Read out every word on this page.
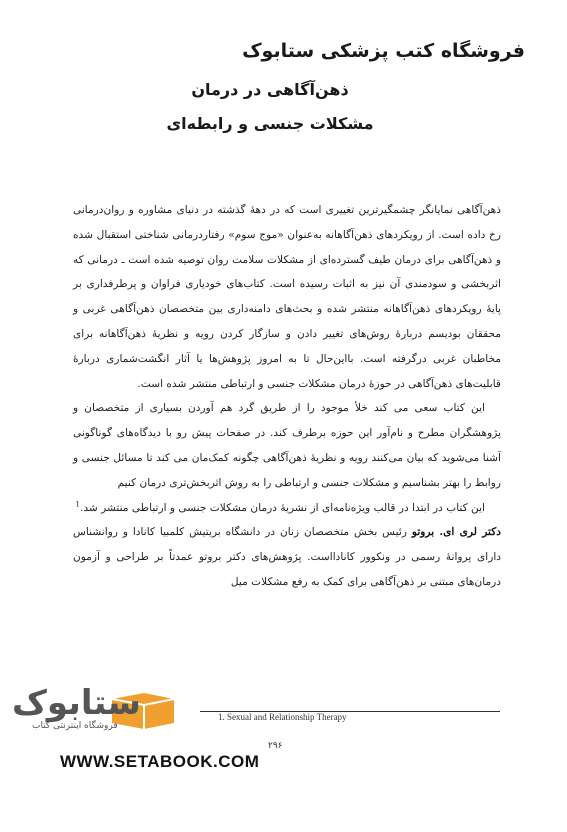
فروشگاه کتب پزشکی ستابوک
ذهن‌آگاهی در درمان
مشکلات جنسی و رابطه‌ای

ذهن‌آگاهی نمایانگر چشمگیرترین تغییری است که در دهۀ گذشته در دنیای مشاوره و روان‌درمانی رخ داده است. از رویکردهای ذهن‌آگاهانه به‌عنوان «موج سوم» رفتاردرمانی شناختی استقبال شده و ذهن‌آگاهی برای درمان طیف گسترده‌ای از مشکلات سلامت روان توصیه شده است ـ درمانی که اثربخشی و سودمندی آن نیز به اثبات رسیده است. کتاب‌های خودیاری فراوان و پرطرفداری بر پایۀ رویکردهای ذهن‌آگاهانه منتشر شده و بحث‌های دامنه‌داری بین متخصصان ذهن‌آگاهی غربی و محققان بودیسم دربارۀ روش‌های تغییر دادن و سازگار کردن رویه و نظریۀ ذهن‌آگاهانه برای مخاطبان غربی درگرفته است. بااین‌حال تا به امروز پژوهش‌ها یا آثار انگشت‌شماری دربارۀ قابلیت‌های ذهن‌آگاهی در حوزۀ درمان مشکلات جنسی و ارتباطی منتشر شده است.

این کتاب سعی می کند خلأ موجود را از طریق گرد هم آوردن بسیاری از متخصصان و پژوهشگران مطرح و نام‌آور این حوزه برطرف کند. در صفحات پیش رو با دیدگاه‌های گوناگونی آشنا می‌شوید که بیان می‌کنند رویه و نظریۀ ذهن‌آگاهی چگونه کمک‌مان می کند تا مسائل جنسی و روابط را بهتر بشناسیم و مشکلات جنسی و ارتباطی را به روش اثربخش‌تری درمان کنیم

این کتاب در ابتدا در قالب ویژه‌نامه‌ای از نشریۀ درمان مشکلات جنسی و ارتباطی منتشر شد.$^1$

دکتر لری ای. بروتو رئیس بخش متخصصان زنان در دانشگاه بریتیش کلمبیا کانادا و روانشناس دارای پروانۀ رسمی در ونکوور کانادااست. پژوهش‌های دکتر بروتو عمدتاً بر طراحی و آزمون درمان‌های مبتنی بر ذهن‌آگاهی برای کمک به رفع مشکلات میل

1. Sexual and Relationship Therapy
۲۹۶
ستابوک
فروشگاه اینترنتی کتاب
WWW.SETABOOK.COM
